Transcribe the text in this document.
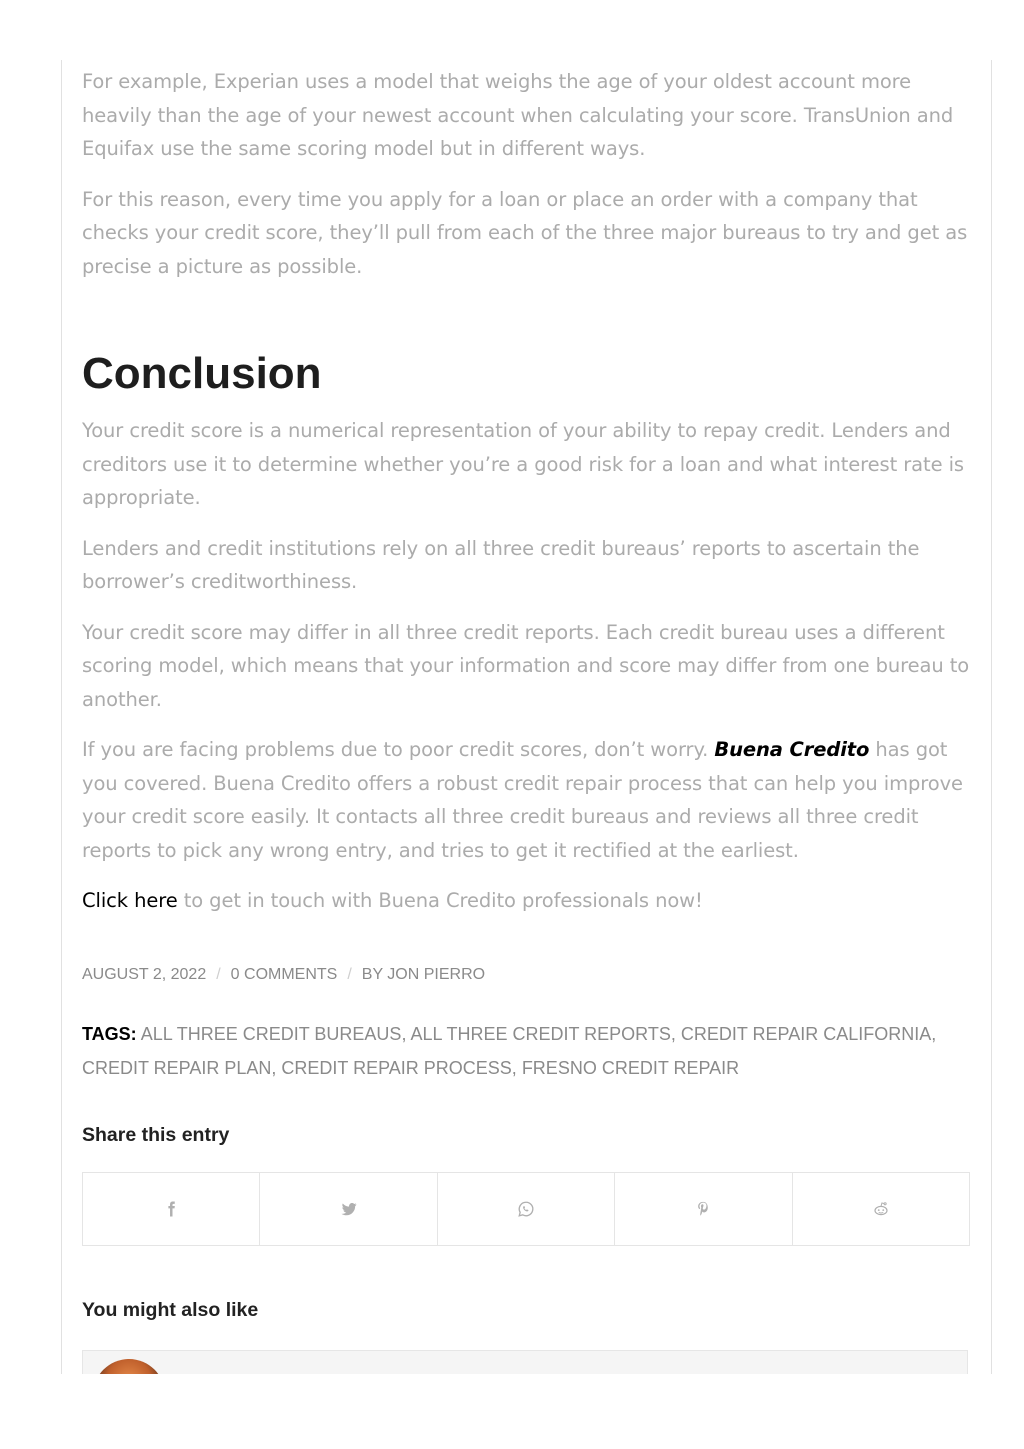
For example, Experian uses a model that weighs the age of your oldest account more heavily than the age of your newest account when calculating your score. TransUnion and Equifax use the same scoring model but in different ways.

For this reason, every time you apply for a loan or place an order with a company that checks your credit score, they’ll pull from each of the three major bureaus to try and get as precise a picture as possible.

Conclusion

Your credit score is a numerical representation of your ability to repay credit. Lenders and creditors use it to determine whether you’re a good risk for a loan and what interest rate is appropriate.

Lenders and credit institutions rely on all three credit bureaus’ reports to ascertain the borrower’s creditworthiness.

Your credit score may differ in all three credit reports. Each credit bureau uses a different scoring model, which means that your information and score may differ from one bureau to another.

If you are facing problems due to poor credit scores, don’t worry. Buena Credito has got you covered. Buena Credito offers a robust credit repair process that can help you improve your credit score easily. It contacts all three credit bureaus and reviews all three credit reports to pick any wrong entry, and tries to get it rectified at the earliest.

Click here to get in touch with Buena Credito professionals now!

AUGUST 2, 2022 / 0 COMMENTS / BY JON PIERRO
TAGS: ALL THREE CREDIT BUREAUS, ALL THREE CREDIT REPORTS, CREDIT REPAIR CALIFORNIA, CREDIT REPAIR PLAN, CREDIT REPAIR PROCESS, FRESNO CREDIT REPAIR
Share this entry
You might also like
